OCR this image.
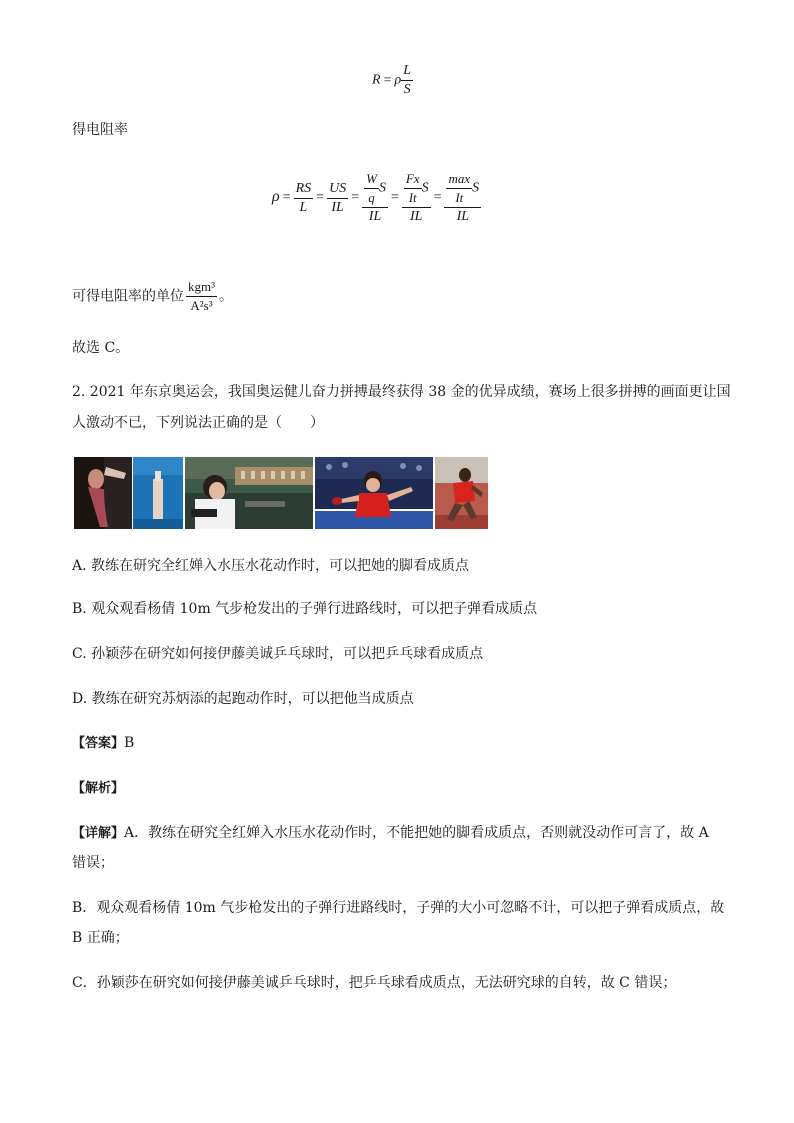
R = ρ $\frac{L}{S}$
得电阻率
$\rho = \frac{RS}{L} = \frac{US}{IL} = \frac{\frac{W}{q} S}{IL} = \frac{\frac{Fx}{It} S}{IL} = \frac{\frac{\max}{It} S}{IL}$
可得电阻率的单位 $\frac{\text{kgm³}}{\text{A²s³}}$ 。
故选 C。
2. 2021 年东京奥运会，我国奥运健儿奋力拼搏最终获得 38 金的优异成绩，赛场上很多拼搏的画面更让国
人激动不已，下列说法正确的是（　　）
A. 教练在研究全红婵入水压水花动作时，可以把她的脚看成质点
B. 观众观看杨倩 10m 气步枪发出的子弹行进路线时，可以把子弹看成质点
C. 孙颖莎在研究如何接伊藤美诚乒乓球时，可以把乒乓球看成质点
D. 教练在研究苏炳添的起跑动作时，可以把他当成质点
【答案】B
【解析】
【详解】A．教练在研究全红婵入水压水花动作时，不能把她的脚看成质点，否则就没动作可言了，故 A
错误；
B．观众观看杨倩 10m 气步枪发出的子弹行进路线时，子弹的大小可忽略不计，可以把子弹看成质点，故
B 正确；
C．孙颖莎在研究如何接伊藤美诚乒乓球时，把乒乓球看成质点，无法研究球的自转，故 C 错误；
